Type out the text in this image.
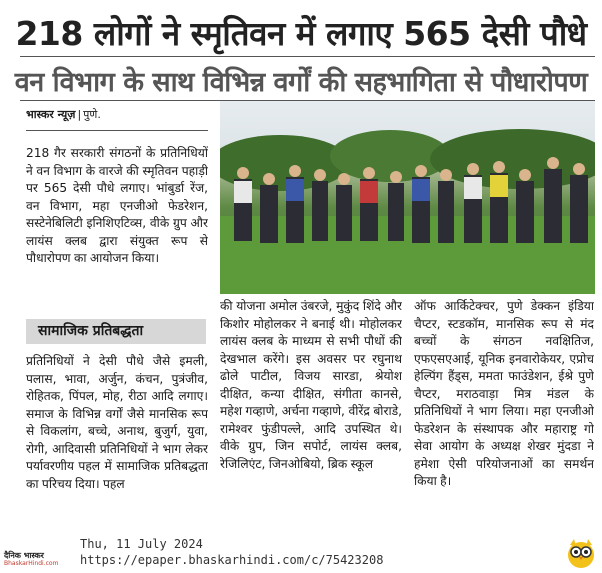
218 लोगों ने स्मृतिवन में लगाए 565 देसी पौधे
वन विभाग के साथ विभिन्न वर्गों की सहभागिता से पौधारोपण
भास्कर न्यूज़ | पुणे.
218 गैर सरकारी संगठनों के प्रतिनिधियों ने वन विभाग के वारजे की स्मृतिवन पहाड़ी पर 565 देसी पौधे लगाए। भांबुर्डा रेंज, वन विभाग, महा एनजीओ फेडरेशन, सस्टेनेबिलिटी इनिशिएटिव्स, वीके ग्रुप और लायंस क्लब द्वारा संयुक्त रूप से पौधारोपण का आयोजन किया।
सामाजिक प्रतिबद्धता
प्रतिनिधियों ने देसी पौधे जैसे इमली, पलास, भावा, अर्जुन, कंचन, पुत्रंजीव, रोहितक, पिंपल, मोह, रीठा आदि लगाए। समाज के विभिन्न वर्गों जैसे मानसिक रूप से विकलांग, बच्चे, अनाथ, बुजुर्ग, युवा, रोगी, आदिवासी प्रतिनिधियों ने भाग लेकर पर्यावरणीय पहल में सामाजिक प्रतिबद्धता का परिचय दिया। पहल
की योजना अमोल उंबरजे, मुकुंद शिंदे और किशोर मोहोलकर ने बनाई थी। मोहोलकर लायंस क्लब के माध्यम से सभी पौधों की देखभाल करेंगे। इस अवसर पर रघुनाथ ढोले पाटील, विजय सारडा, श्रेयोश दीक्षित, कन्या दीक्षित, संगीता कानसे, महेश गव्हाणे, अर्चना गव्हाणे, वीरेंद्र बोराडे, रामेश्वर फुंडीपल्ले, आदि उपस्थित थे। वीके ग्रुप, जिन सपोर्ट, लायंस क्लब, रेजिलिएंट, जिनओबियो, ब्रिक स्कूल
ऑफ आर्किटेक्चर, पुणे डेक्कन इंडिया चैप्टर, स्टडकॉम, मानसिक रूप से मंद बच्चों के संगठन नवक्षितिज, एफएसएआई, यूनिक इनवारोकेयर, एप्रोच हेल्पिंग हैंड्स, ममता फाउंडेशन, ईश्रे पुणे चैप्टर, मराठवाड़ा मित्र मंडल के प्रतिनिधियों ने भाग लिया। महा एनजीओ फेडरेशन के संस्थापक और महाराष्ट्र गो सेवा आयोग के अध्यक्ष शेखर मुंदडा ने हमेशा ऐसी परियोजनाओं का समर्थन किया है।
दैनिक भास्कर
BhaskarHindi.com
Thu, 11 July 2024
https://epaper.bhaskarhindi.com/c/75423208
